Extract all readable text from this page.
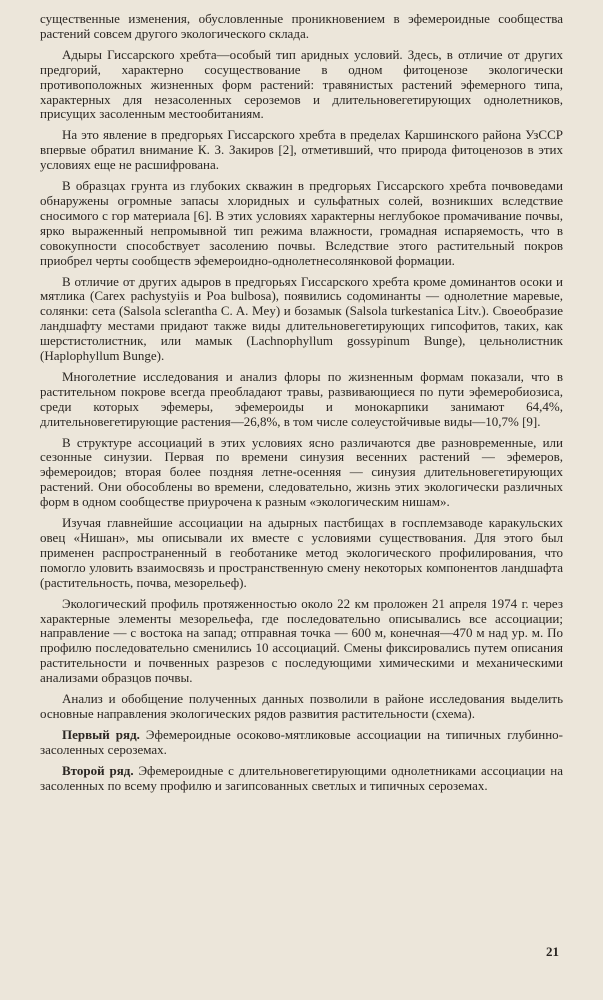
существенные изменения, обусловленные проникновением в эфемероидные сообщества растений совсем другого экологического склада.

Адыры Гиссарского хребта—особый тип аридных условий. Здесь, в отличие от других предгорий, характерно сосуществование в одном фитоценозе экологически противоположных жизненных форм растений: травянистых растений эфемерного типа, характерных для незасоленных сероземов и длительновегетирующих однолетников, присущих засоленным местообитаниям.

На это явление в предгорьях Гиссарского хребта в пределах Каршинского района УзССР впервые обратил внимание К. З. Закиров [2], отметивший, что природа фитоценозов в этих условиях еще не расшифрована.

В образцах грунта из глубоких скважин в предгорьях Гиссарского хребта почвоведами обнаружены огромные запасы хлоридных и сульфатных солей, возникших вследствие сносимого с гор материала [6]. В этих условиях характерны неглубокое промачивание почвы, ярко выраженный непромывной тип режима влажности, громадная испаряемость, что в совокупности способствует засолению почвы. Вследствие этого растительный покров приобрел черты сообществ эфемероидно-однолетнесолянковой формации.

В отличие от других адыров в предгорьях Гиссарского хребта кроме доминантов осоки и мятлика (Carex pachystyiis и Poa bulbosa), появились содоминанты — однолетние маревые, солянки: сета (Salsola sclerantha C. A. Mey) и бозамык (Salsola turkestanica Litv.). Своеобразие ландшафту местами придают также виды длительновегетирующих гипсофитов, таких, как шерстистолистник, или мамык (Lachnophyllum gossypinum Bunge), цельнолистник (Haplophyllum Bunge).

Многолетние исследования и анализ флоры по жизненным формам показали, что в растительном покрове всегда преобладают травы, развивающиеся по пути эфемеробиозиса, среди которых эфемеры, эфемероиды и монокарпики занимают 64,4%, длительновегетирующие растения—26,8%, в том числе солеустойчивые виды—10,7% [9].

В структуре ассоциаций в этих условиях ясно различаются две разновременные, или сезонные синузии. Первая по времени синузия весенних растений — эфемеров, эфемероидов; вторая более поздняя летне-осенняя — синузия длительновегетирующих растений. Они обособлены во времени, следовательно, жизнь этих экологически различных форм в одном сообществе приурочена к разным «экологическим нишам».

Изучая главнейшие ассоциации на адырных пастбищах в госплемзаводе каракульских овец «Нишан», мы описывали их вместе с условиями существования. Для этого был применен распространенный в геоботанике метод экологического профилирования, что помогло уловить взаимосвязь и пространственную смену некоторых компонентов ландшафта (растительность, почва, мезорельеф).

Экологический профиль протяженностью около 22 км проложен 21 апреля 1974 г. через характерные элементы мезорельефа, где последовательно описывались все ассоциации; направление — с востока на запад; отправная точка — 600 м, конечная—470 м над ур. м. По профилю последовательно сменились 10 ассоциаций. Смены фиксировались путем описания растительности и почвенных разрезов с последующими химическими и механическими анализами образцов почвы.

Анализ и обобщение полученных данных позволили в районе исследования выделить основные направления экологических рядов развития растительности (схема).

Первый ряд. Эфемероидные осоково-мятликовые ассоциации на типичных глубинно-засоленных сероземах.

Второй ряд. Эфемероидные с длительновегетирующими однолетниками ассоциации на засоленных по всему профилю и загипсованных светлых и типичных сероземах.

21
